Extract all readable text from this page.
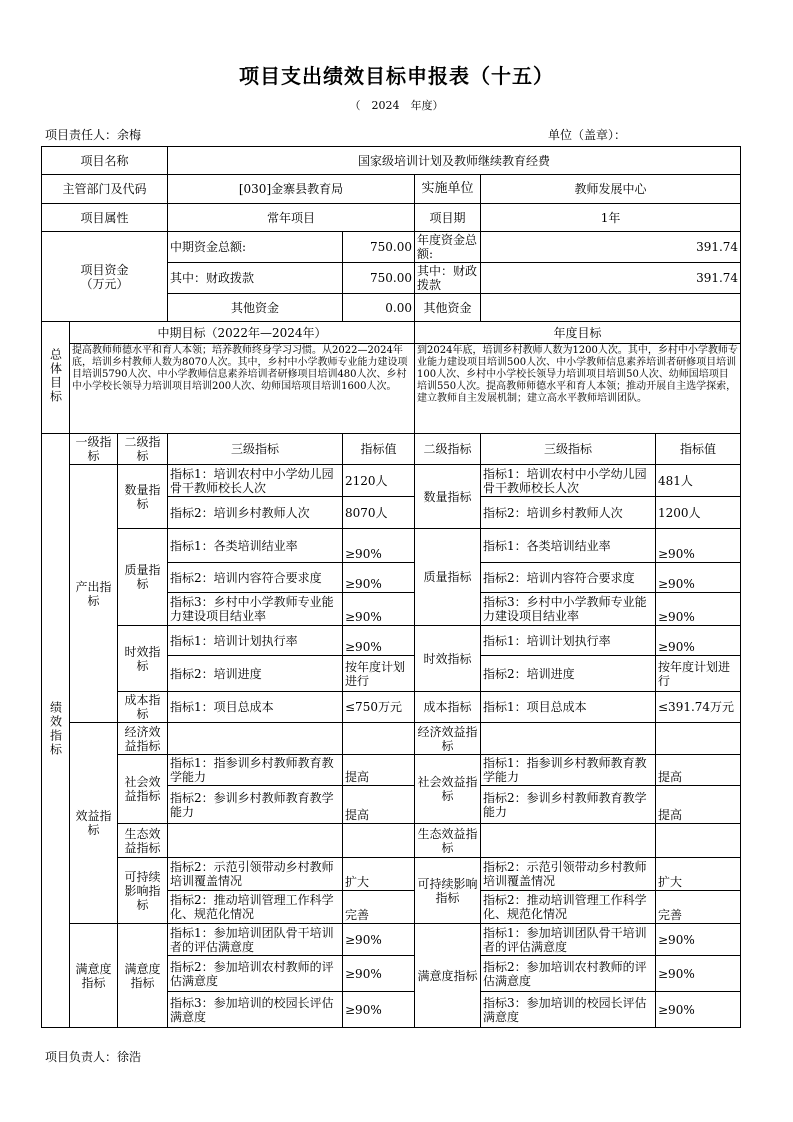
项目支出绩效目标申报表（十五）
（　2024　年度）
项目责任人：余梅	单位（盖章）：
项目名称			国家级培训计划及教师继续教育经费				
主管部门及代码			[030]金寨县教育局		实施单位	教师发展中心	
项目属性			常年项目		项目期	1年	
项目资金
（万元）			中期资金总额:	750.00	年度资金总额:	391.74	
			其中：财政拨款	750.00	其中：财政拨款	391.74	
			其他资金	0.00	其他资金		
总体目标	中期目标（2022年—2024年）				年度目标		
	提高教师师德水平和育人本领；培养教师终身学习习惯。从2022—2024年底，培训乡村教师人数为8070人次。其中，乡村中小学教师专业能力建设项目培训5790人次、中小学教师信息素养培训者研修项目培训480人次、乡村中小学校长领导力培训项目培训200人次、幼师国培项目培训1600人次。				到2024年底，培训乡村教师人数为1200人次。其中，乡村中小学教师专业能力建设项目培训500人次、中小学教师信息素养培训者研修项目培训100人次、乡村中小学校长领导力培训项目培训50人次、幼师国培项目培训550人次。提高教师师德水平和育人本领；推动开展自主选学探索，建立教师自主发展机制；建立高水平教师培训团队。		
绩效指标	一级指标	二级指标	三级指标	指标值	二级指标	三级指标	指标值
	产出指标	数量指标	指标1：培训农村中小学幼儿园骨干教师校长人次	2120人	数量指标	指标1：培训农村中小学幼儿园骨干教师校长人次	481人
			指标2：培训乡村教师人次	8070人		指标2：培训乡村教师人次	1200人
		质量指标	指标1：各类培训结业率	≥90%	质量指标	指标1：各类培训结业率	≥90%
			指标2：培训内容符合要求度	≥90%		指标2：培训内容符合要求度	≥90%
			指标3：乡村中小学教师专业能力建设项目结业率	≥90%		指标3：乡村中小学教师专业能力建设项目结业率	≥90%
		时效指标	指标1：培训计划执行率	≥90%	时效指标	指标1：培训计划执行率	≥90%
			指标2：培训进度	按年度计划进行		指标2：培训进度	按年度计划进行
		成本指标	指标1：项目总成本	≤750万元	成本指标	指标1：项目总成本	≤391.74万元

	效益指标	经济效益指标			经济效益指标		
		社会效益指标	指标1：指参训乡村教师教育教学能力	提高	社会效益指标	指标1：指参训乡村教师教育教学能力	提高
			指标2：参训乡村教师教育教学能力	提高		指标2：参训乡村教师教育教学能力	提高
		生态效益指标			生态效益指标		
		可持续影响指标	指标2：示范引领带动乡村教师培训覆盖情况	扩大	可持续影响指标	指标2：示范引领带动乡村教师培训覆盖情况	扩大

			指标2：推动培训管理工作科学化、规范化情况	完善		指标2：推动培训管理工作科学化、规范化情况	完善

	满意度指标	满意度指标	指标1：参加培训团队骨干培训者的评估满意度	≥90%	满意度指标	指标1：参加培训团队骨干培训者的评估满意度	≥90%
			指标2：参加培训农村教师的评估满意度	≥90%		指标2：参加培训农村教师的评估满意度	≥90%
			指标3：参加培训的校园长评估满意度	≥90%		指标3：参加培训的校园长评估满意度	≥90%
项目负责人：徐浩
